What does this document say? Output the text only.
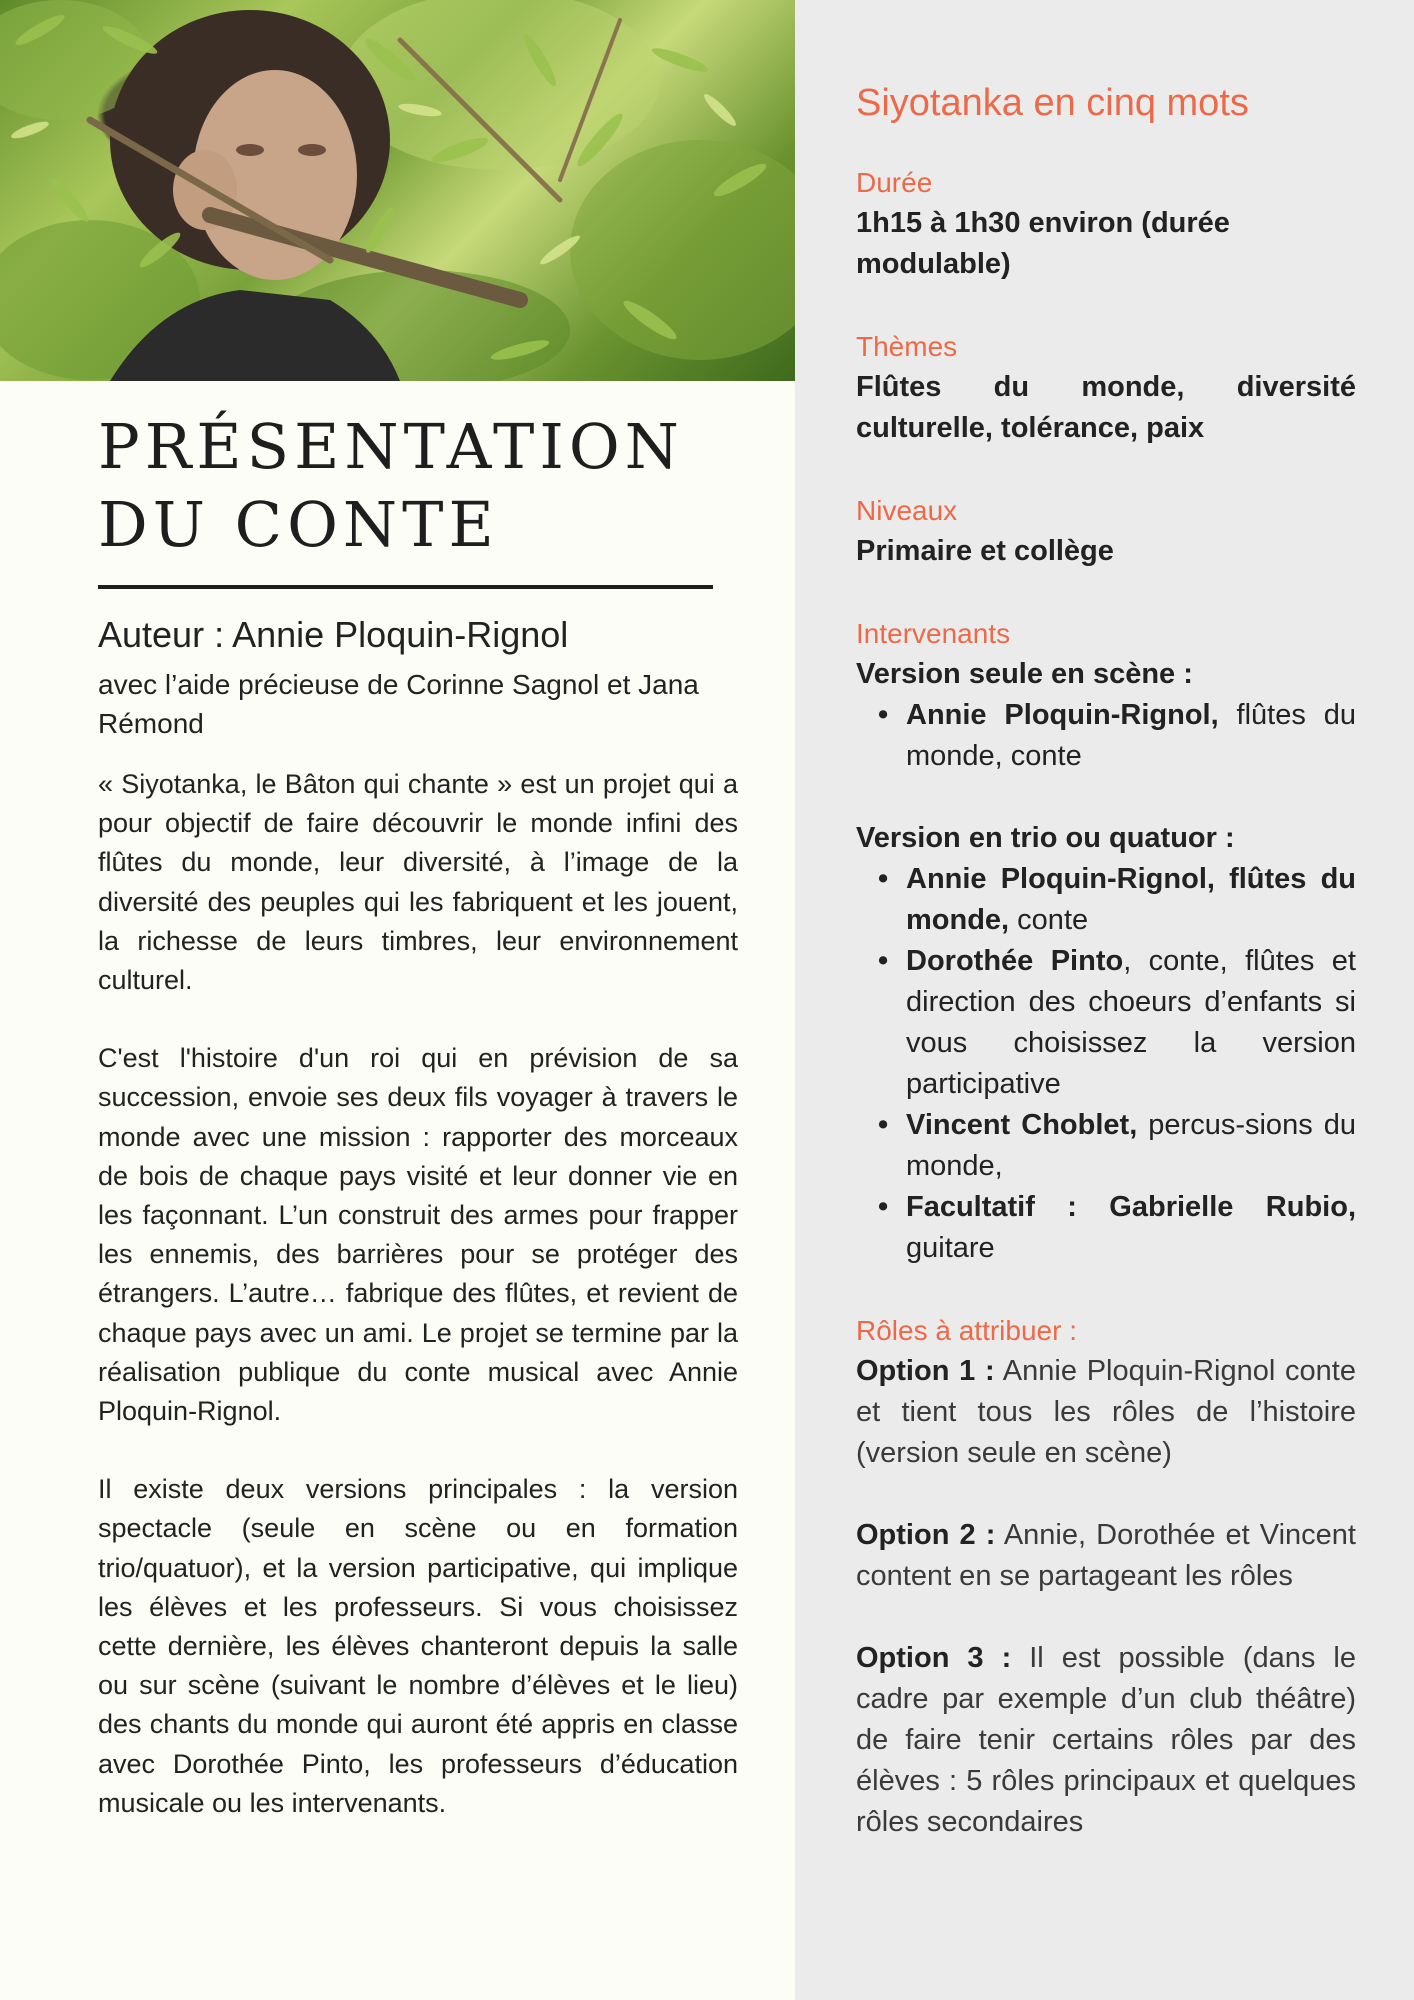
PRÉSENTATION
DU CONTE
Auteur : Annie Ploquin-Rignol
avec l’aide précieuse de Corinne Sagnol et Jana Rémond

« Siyotanka, le Bâton qui chante » est un projet qui a pour objectif de faire découvrir le monde infini des flûtes du monde, leur diversité, à l’image de la diversité des peuples qui les fabriquent et les jouent, la richesse de leurs timbres, leur environnement culturel.

C'est l'histoire d'un roi qui en prévision de sa succession, envoie ses deux fils voyager à travers le monde avec une mission : rapporter des morceaux de bois de chaque pays visité et leur donner vie en les façonnant. L’un construit des armes pour frapper les ennemis, des barrières pour se protéger des étrangers. L’autre… fabrique des flûtes, et revient de chaque pays avec un ami. Le projet se termine par la réalisation publique du conte musical avec Annie Ploquin-Rignol.

Il existe deux versions principales : la version spectacle (seule en scène ou en formation trio/quatuor), et la version participative, qui implique les élèves et les professeurs. Si vous choisissez cette dernière, les élèves chanteront depuis la salle ou sur scène (suivant le nombre d’élèves et le lieu) des chants du monde qui auront été appris en classe avec Dorothée Pinto, les professeurs d’éducation musicale ou les intervenants.

Siyotanka en cinq mots
Durée
1h15 à 1h30 environ (durée modulable)
Thèmes
Flûtes du monde, diversité culturelle, tolérance, paix
Niveaux
Primaire et collège
Intervenants
Version seule en scène :
• Annie Ploquin-Rignol, flûtes du monde, conte
Version en trio ou quatuor :
• Annie Ploquin-Rignol, flûtes du monde, conte
• Dorothée Pinto, conte, flûtes et direction des choeurs d’enfants si vous choisissez la version participative
• Vincent Choblet, percus-sions du monde,
• Facultatif : Gabrielle Rubio, guitare
Rôles à attribuer :
Option 1 : Annie Ploquin-Rignol conte et tient tous les rôles de l’histoire (version seule en scène)
Option 2 : Annie, Dorothée et Vincent content en se partageant les rôles
Option 3 : Il est possible (dans le cadre par exemple d’un club théâtre) de faire tenir certains rôles par des élèves : 5 rôles principaux et quelques rôles secondaires
